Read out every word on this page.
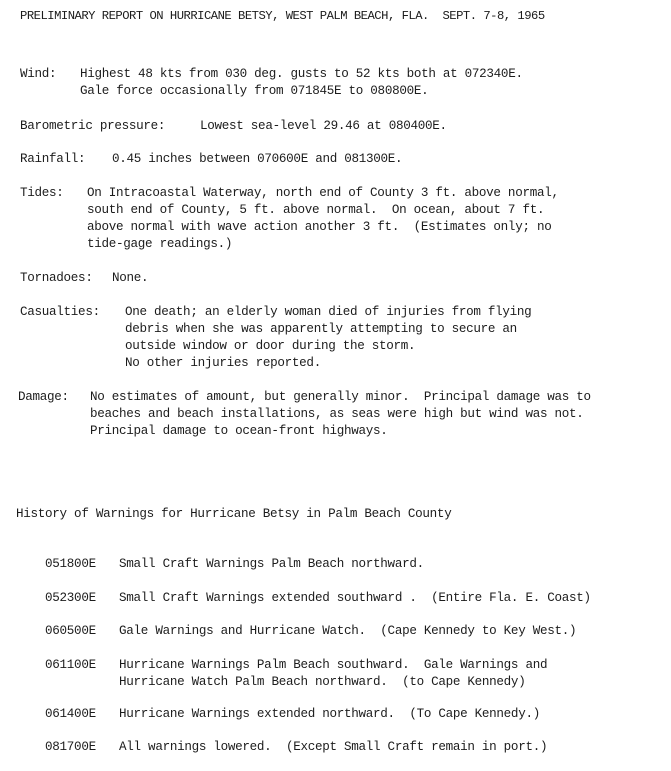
PRELIMINARY REPORT ON HURRICANE BETSY, WEST PALM BEACH, FLA.  SEPT. 7-8, 1965
Wind: Highest 48 kts from 030 deg. gusts to 52 kts both at 072340E.
Gale force occasionally from 071845E to 080800E.
Barometric pressure:	Lowest sea-level 29.46 at 080400E.
Rainfall: 0.45 inches between 070600E and 081300E.
Tides: On Intracoastal Waterway, north end of County 3 ft. above normal,
south end of County, 5 ft. above normal.  On ocean, about 7 ft.
above normal with wave action another 3 ft.  (Estimates only; no
tide-gage readings.)
Tornadoes: None.
Casualties: One death; an elderly woman died of injuries from flying
debris when she was apparently attempting to secure an
outside window or door during the storm.
No other injuries reported.
Damage: No estimates of amount, but generally minor.  Principal damage was to
beaches and beach installations, as seas were high but wind was not.
Principal damage to ocean-front highways.
History of Warnings for Hurricane Betsy in Palm Beach County

051800E Small Craft Warnings Palm Beach northward.

052300E Small Craft Warnings extended southward .  (Entire Fla. E. Coast)

060500E Gale Warnings and Hurricane Watch.  (Cape Kennedy to Key West.)

061100E Hurricane Warnings Palm Beach southward.  Gale Warnings and

Hurricane Watch Palm Beach northward.  (to Cape Kennedy)

061400E Hurricane Warnings extended northward.  (To Cape Kennedy.)

081700E All warnings lowered.  (Except Small Craft remain in port.)
